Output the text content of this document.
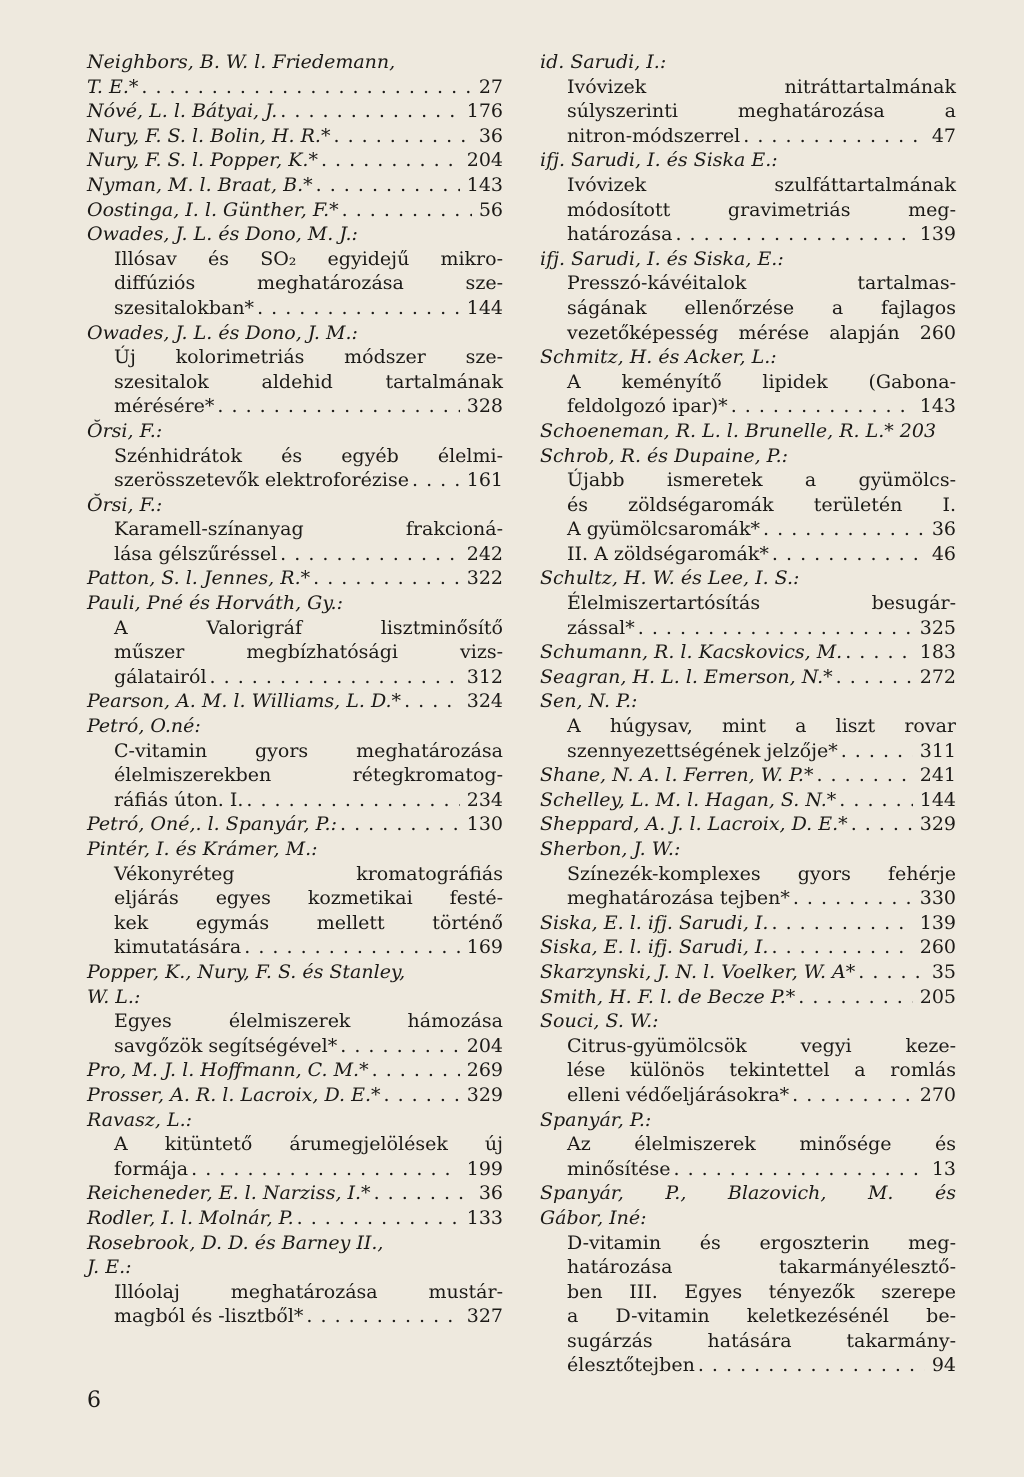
Neighbors, B. W. l. Friedemann,
T. E.* . . .	27
Nóvé, L. l. Bátyai, J. . . .	176
Nury, F. S. l. Bolin, H. R.* . . .	36
Nury, F. S. l. Popper, K.* . . .	204
Nyman, M. l. Braat, B.* . . .	143
Oostinga, I. l. Günther, F.* . . .	56
Owades, J. L. és Dono, M. J.:
Illósav és SO₂ egyidejű mikro-
diffúziós meghatározása sze-
szesitalokban* . . .	144
Owades, J. L. és Dono, J. M.:
Új kolorimetriás módszer sze-
szesitalok aldehid tartalmának
mérésére* . . .	328
Ŏrsi, F.:
Szénhidrátok és egyéb élelmi-
szerösszetevők elektroforézise . . .	161
Ŏrsi, F.:
Karamell-színanyag frakcioná-
lása gélszűréssel . . .	242
Patton, S. l. Jennes, R.* . . .	322
Pauli, Pné és Horváth, Gy.:
A Valorigráf lisztminősítő
műszer megbízhatósági vizs-
gálatairól . . .	312
Pearson, A. M. l. Williams, L. D.* . . .	324
Petró, O.né:
C-vitamin gyors meghatározása
élelmiszerekben rétegkromatog-
ráfiás úton. I. . . .	234
Petró, Oné,. l. Spanyár, P.: . . .	130
Pintér, I. és Krámer, M.:
Vékonyréteg kromatográfiás
eljárás egyes kozmetikai festé-
kek egymás mellett történő
kimutatására . . .	169
Popper, K., Nury, F. S. és Stanley,
W. L.:
Egyes élelmiszerek hámozása
savgőzök segítségével* . . .	204
Pro, M. J. l. Hoffmann, C. M.* . . .	269
Prosser, A. R. l. Lacroix, D. E.* . . .	329
Ravasz, L.:
A kitüntető árumegjelölések új
formája . . .	199
Reicheneder, E. l. Narziss, I.* . . .	36
Rodler, I. l. Molnár, P. . . .	133
Rosebrook, D. D. és Barney II.,
J. E.:
Illóolaj meghatározása mustár-
magból és -lisztből* . . .	327
id. Sarudi, I.:
Ivóvizek nitráttartalmának
súlyszerinti meghatározása a
nitron-módszerrel . . .	47
ifj. Sarudi, I. és Siska E.:
Ivóvizek szulfáttartalmának
módosított gravimetriás meg-
határozása . . .	139
ifj. Sarudi, I. és Siska, E.:
Presszó-kávéitalok tartalmas-
ságának ellenőrzése a fajlagos
vezetőképesség mérése alapján 260
Schmitz, H. és Acker, L.:
A keményítő lipidek (Gabona-
feldolgozó ipar)* . . .	143
Schoeneman, R. L. l. Brunelle, R. L.* 203
Schrob, R. és Dupaine, P.:
Újabb ismeretek a gyümölcs-
és zöldségaromák területén I.
A gyümölcsaromák* . . .	36
II. A zöldségaromák* . . .	46
Schultz, H. W. és Lee, I. S.:
Élelmiszertartósítás besugár-
zással* . . .	325
Schumann, R. l. Kacskovics, M. . . .	183
Seagran, H. L. l. Emerson, N.* . . .	272
Sen, N. P.:
A húgysav, mint a liszt rovar
szennyezettségének jelzője* . . .	311
Shane, N. A. l. Ferren, W. P.* . . .	241
Schelley, L. M. l. Hagan, S. N.* . . .	144
Sheppard, A. J. l. Lacroix, D. E.* . . .	329
Sherbon, J. W.:
Színezék-komplexes gyors fehérje
meghatározása tejben* . . .	330
Siska, E. l. ifj. Sarudi, I. . . .	139
Siska, E. l. ifj. Sarudi, I. . . .	260
Skarzynski, J. N. l. Voelker, W. A* . . .	35
Smith, H. F. l. de Becze P.* . . .	205
Souci, S. W.:
Citrus-gyümölcsök vegyi keze-
lése különös tekintettel a romlás
elleni védőeljárásokra* . . .	270
Spanyár, P.:
Az élelmiszerek minősége és
minősítése . . .	13
Spanyár, P., Blazovich, M. és
Gábor, Iné:
D-vitamin és ergoszterin meg-
határozása takarmányélesztő-
ben III. Egyes tényezők szerepe
a D-vitamin keletkezésénél be-
sugárzás hatására takarmány-
élesztőtejben . . .	94
6
